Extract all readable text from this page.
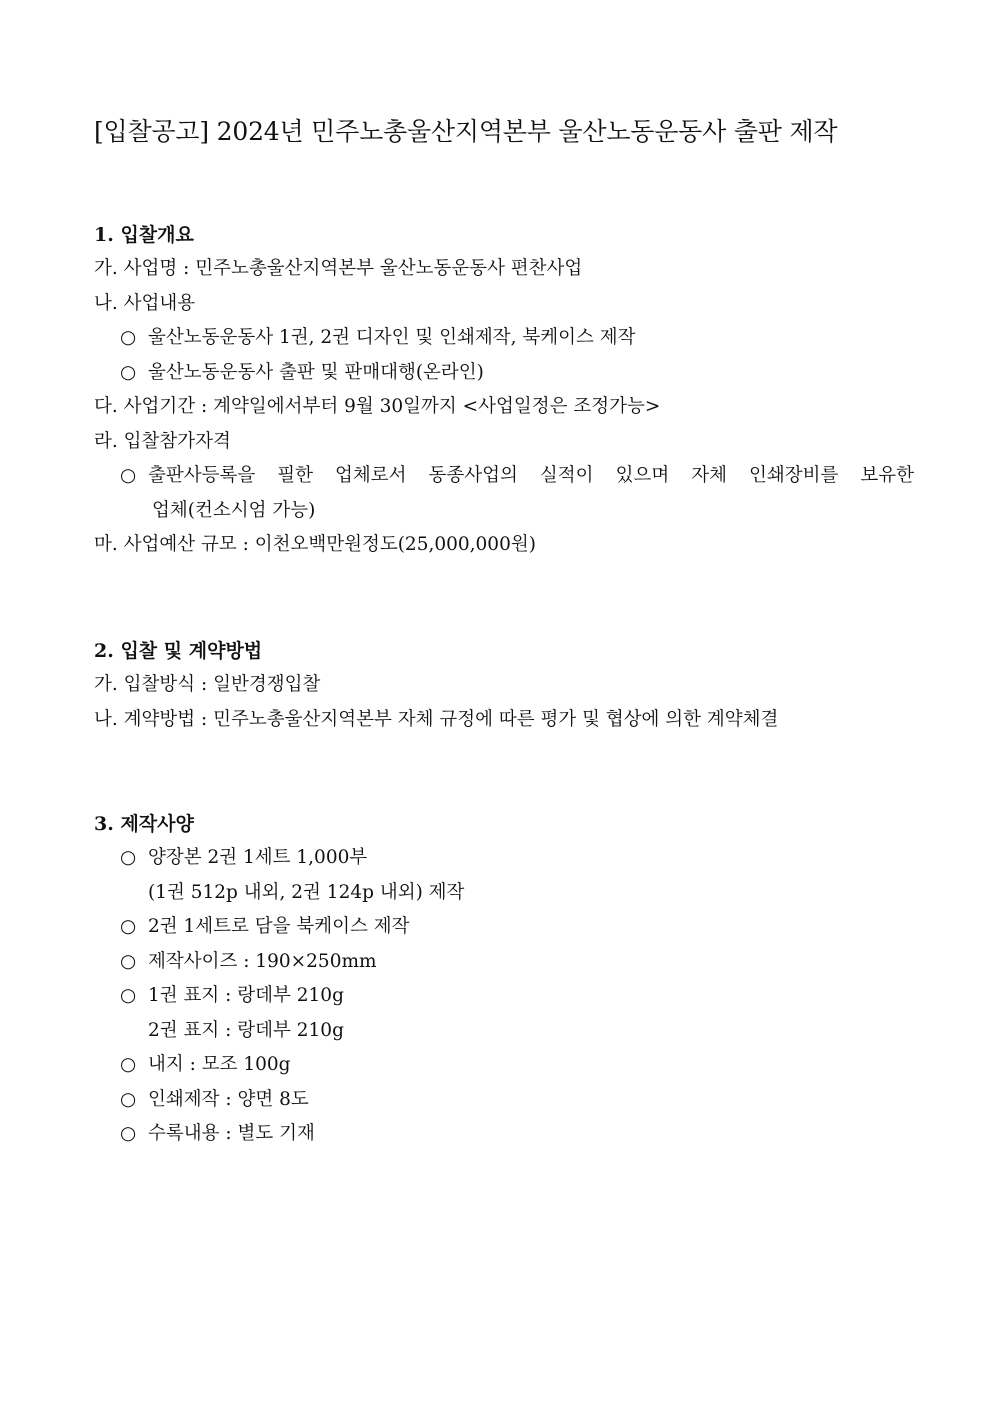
[입찰공고] 2024년 민주노총울산지역본부 울산노동운동사 출판 제작
1. 입찰개요
가. 사업명 : 민주노총울산지역본부 울산노동운동사 편찬사업
나. 사업내용
○ 울산노동운동사 1권, 2권 디자인 및 인쇄제작, 북케이스 제작
○ 울산노동운동사 출판 및 판매대행(온라인)
다. 사업기간 : 계약일에서부터 9월 30일까지 <사업일정은 조정가능>
라. 입찰참가자격
○ 출판사등록을 필한 업체로서 동종사업의 실적이 있으며 자체 인쇄장비를 보유한
업체(컨소시엄 가능)
마. 사업예산 규모 : 이천오백만원정도(25,000,000원)
2. 입찰 및 계약방법
가. 입찰방식 : 일반경쟁입찰
나. 계약방법 : 민주노총울산지역본부 자체 규정에 따른 평가 및 협상에 의한 계약체결
3. 제작사양
○ 양장본 2권 1세트 1,000부
(1권 512p 내외, 2권 124p 내외) 제작
○ 2권 1세트로 담을 북케이스 제작
○ 제작사이즈 : 190×250mm
○ 1권 표지 : 랑데부 210g
2권 표지 : 랑데부 210g
○ 내지 : 모조 100g
○ 인쇄제작 : 양면 8도
○ 수록내용 : 별도 기재
